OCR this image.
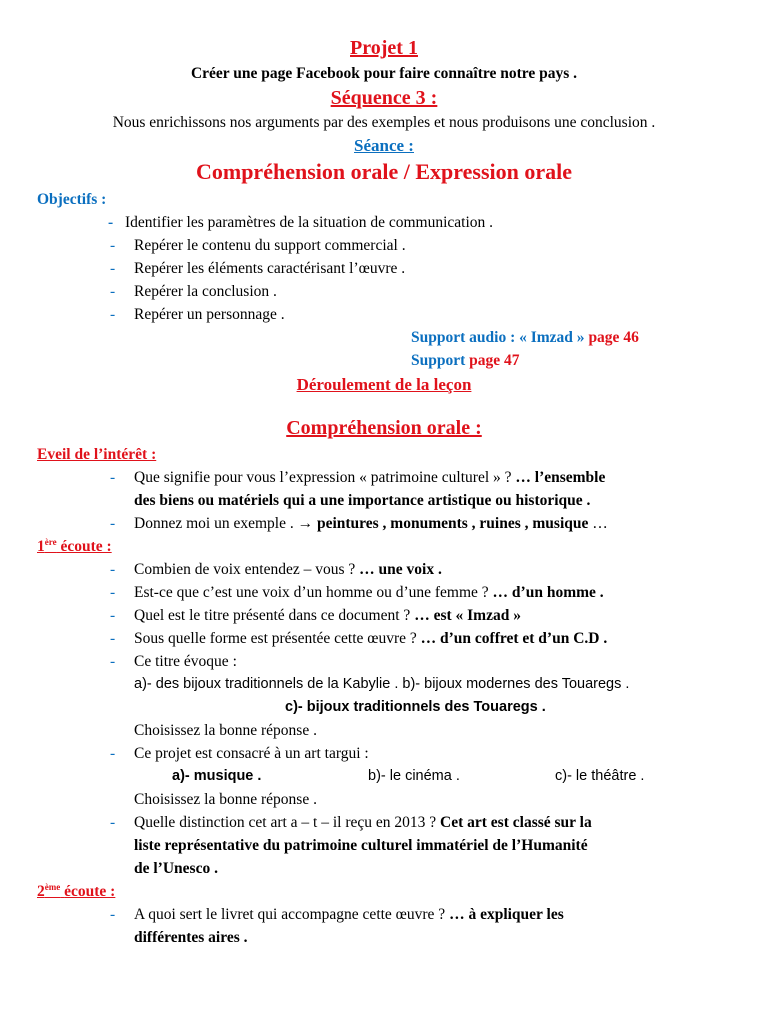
Projet 1
Créer une page Facebook pour faire connaître notre pays .
Séquence 3 :
Nous enrichissons nos arguments par des exemples et nous produisons une conclusion .
Séance :
Compréhension orale / Expression orale
Objectifs :
- Identifier les paramètres de la situation de communication .
- Repérer le contenu du support commercial .
- Repérer les éléments caractérisant l’œuvre .
- Repérer la conclusion .
- Repérer un personnage .
Support audio : « Imzad » page 46
Support page 47
Déroulement de la leçon
Compréhension orale :
Eveil de l’intérêt :
- Que signifie pour vous l’expression « patrimoine culturel » ? … l’ensemble
des biens ou matériels qui a une importance artistique ou historique .
- Donnez moi un exemple . → peintures , monuments , ruines , musique …
1ère écoute :
- Combien de voix entendez – vous ? … une voix .
- Est-ce que c’est une voix d’un homme ou d’une femme ? … d’un homme .
- Quel est le titre présenté dans ce document ? … est « Imzad »
- Sous quelle forme est présentée cette œuvre ? … d’un coffret et d’un C.D .
- Ce titre évoque :
a)- des bijoux traditionnels de la Kabylie . b)- bijoux modernes des Touaregs .
c)- bijoux traditionnels des Touaregs .
Choisissez la bonne réponse .
- Ce projet est consacré à un art targui :
a)- musique .	b)- le cinéma .	c)- le théâtre .
Choisissez la bonne réponse .
- Quelle distinction cet art a – t – il reçu en 2013 ? Cet art est classé sur la
liste représentative du patrimoine culturel immatériel de l’Humanité
de l’Unesco .
2ème écoute :
- A quoi sert le livret qui accompagne cette œuvre ? … à expliquer les
différentes aires .
